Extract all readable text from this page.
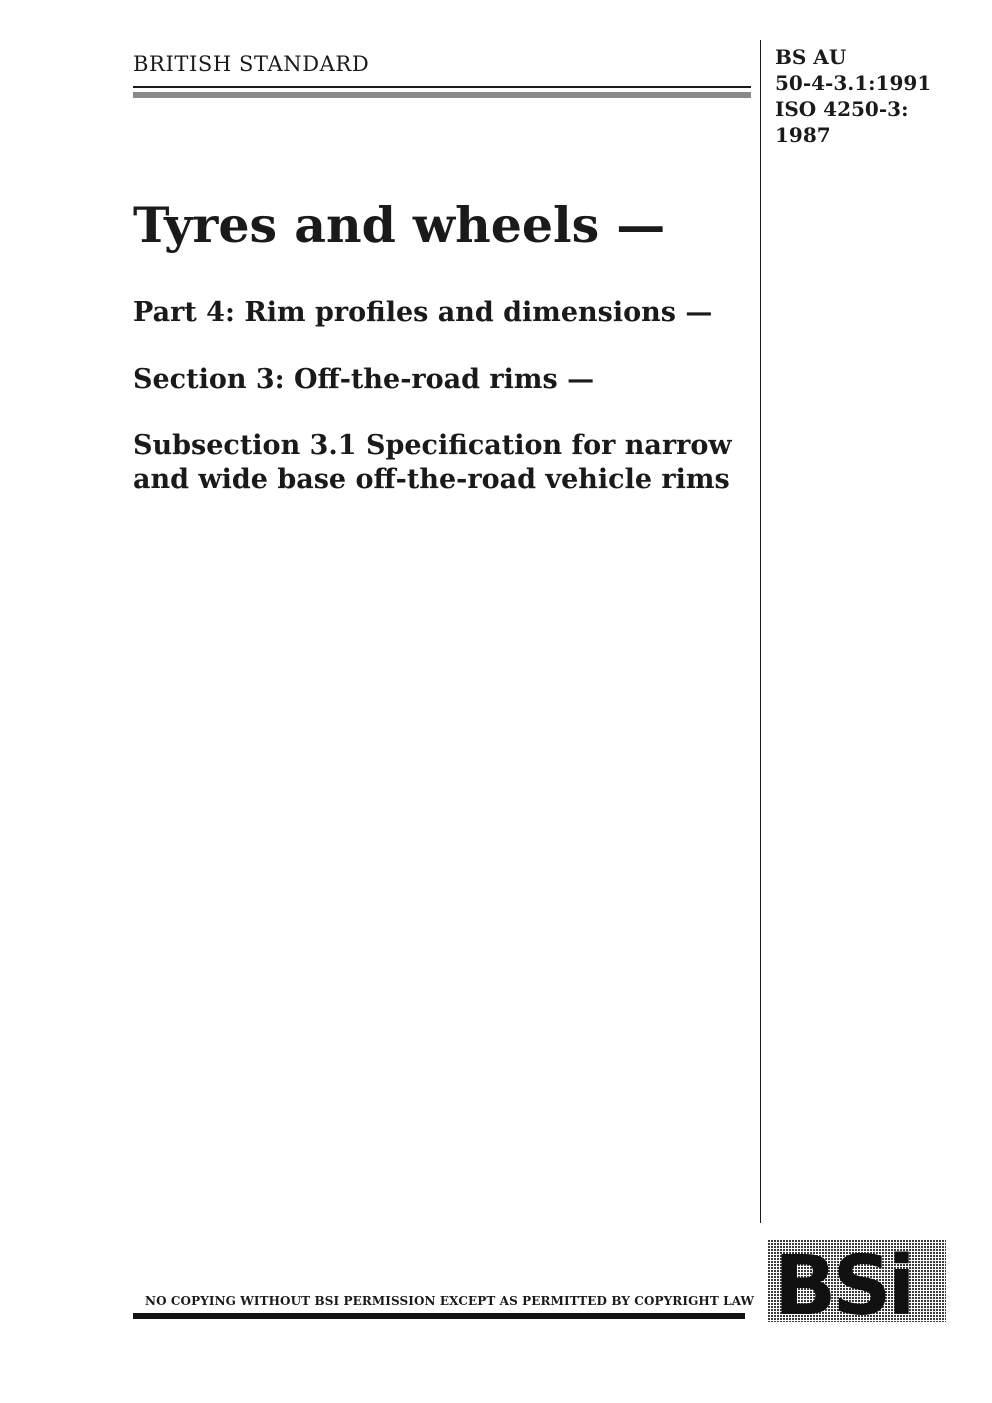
BRITISH STANDARD	BS AU
50-4-3.1:1991
ISO 4250-3:
1987
Tyres and wheels —
Part 4: Rim profiles and dimensions —
Section 3: Off-the-road rims —
Subsection 3.1 Specification for narrow and wide base off-the-road vehicle rims
NO COPYING WITHOUT BSI PERMISSION EXCEPT AS PERMITTED BY COPYRIGHT LAW BSi
